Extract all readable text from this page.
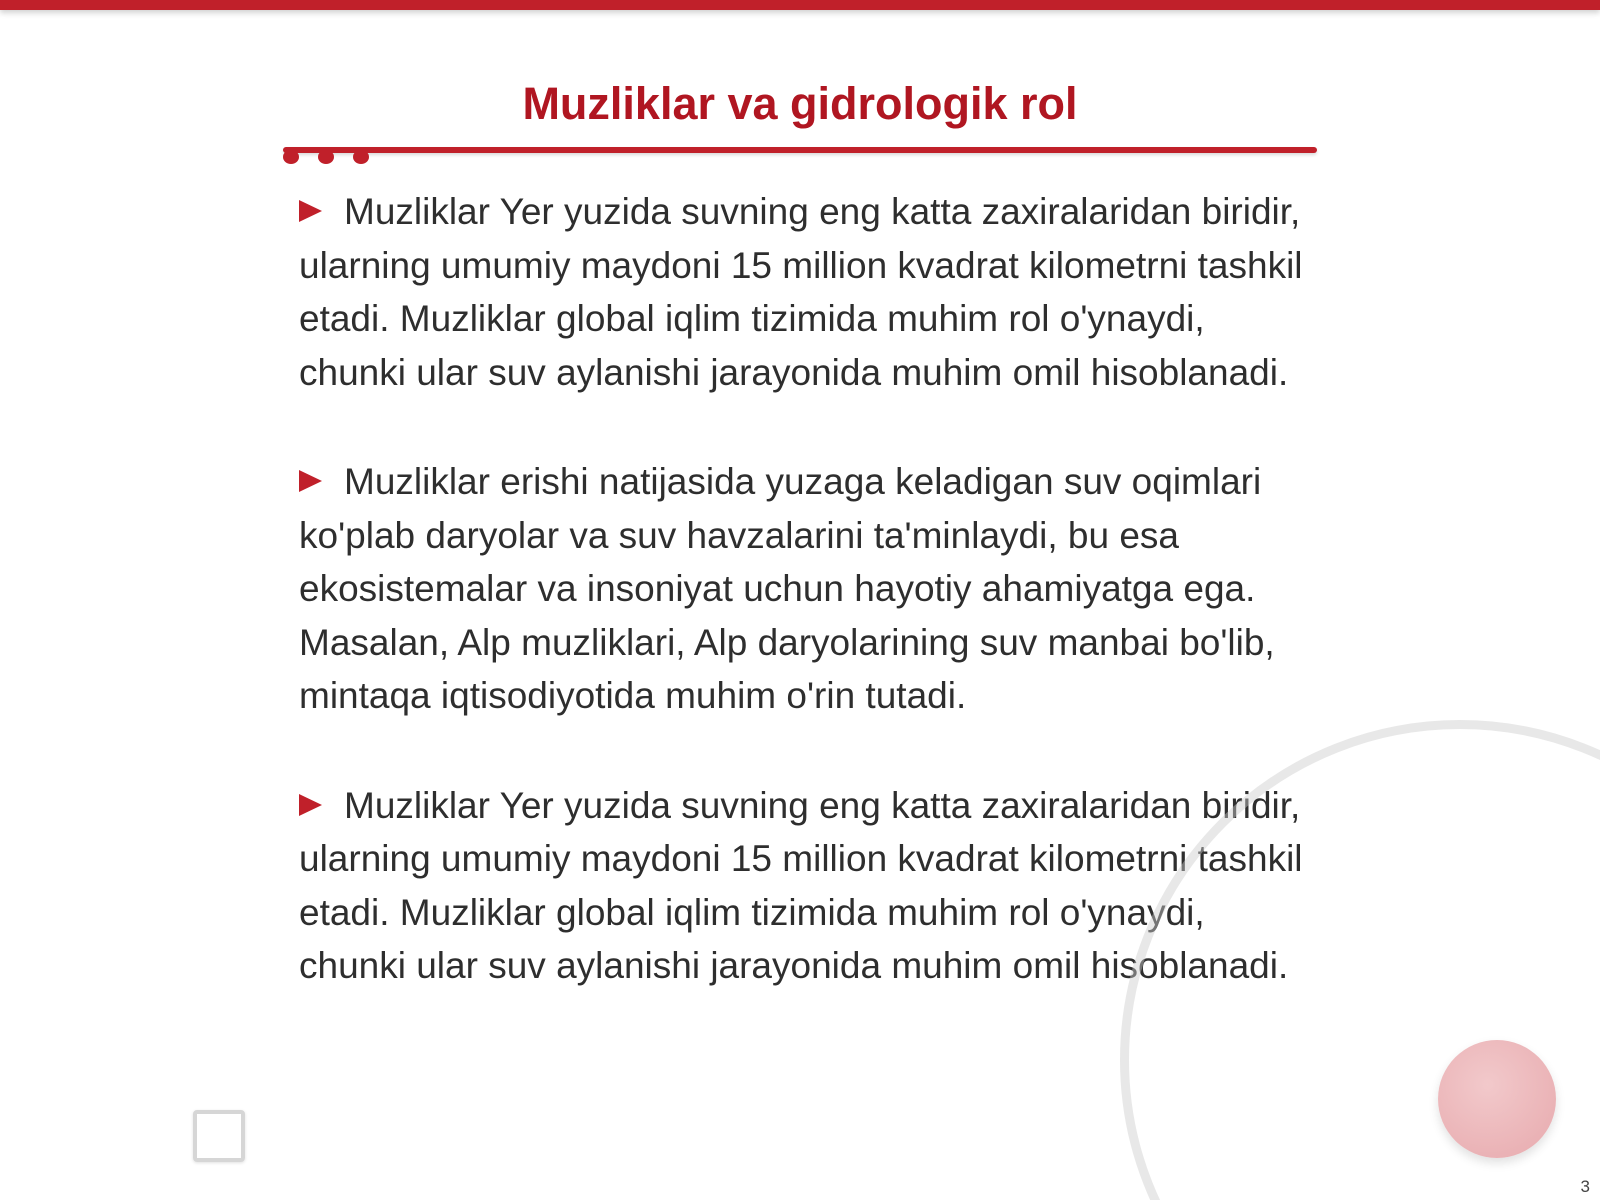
Muzliklar va gidrologik rol

Muzliklar Yer yuzida suvning eng katta zaxiralaridan biridir, ularning umumiy maydoni 15 million kvadrat kilometrni tashkil etadi. Muzliklar global iqlim tizimida muhim rol o'ynaydi, chunki ular suv aylanishi jarayonida muhim omil hisoblanadi.

Muzliklar erishi natijasida yuzaga keladigan suv oqimlari ko'plab daryolar va suv havzalarini ta'minlaydi, bu esa ekosistemalar va insoniyat uchun hayotiy ahamiyatga ega. Masalan, Alp muzliklari, Alp daryolarining suv manbai bo'lib, mintaqa iqtisodiyotida muhim o'rin tutadi.

Muzliklar Yer yuzida suvning eng katta zaxiralaridan biridir, ularning umumiy maydoni 15 million kvadrat kilometrni tashkil etadi. Muzliklar global iqlim tizimida muhim rol o'ynaydi, chunki ular suv aylanishi jarayonida muhim omil hisoblanadi.

3
